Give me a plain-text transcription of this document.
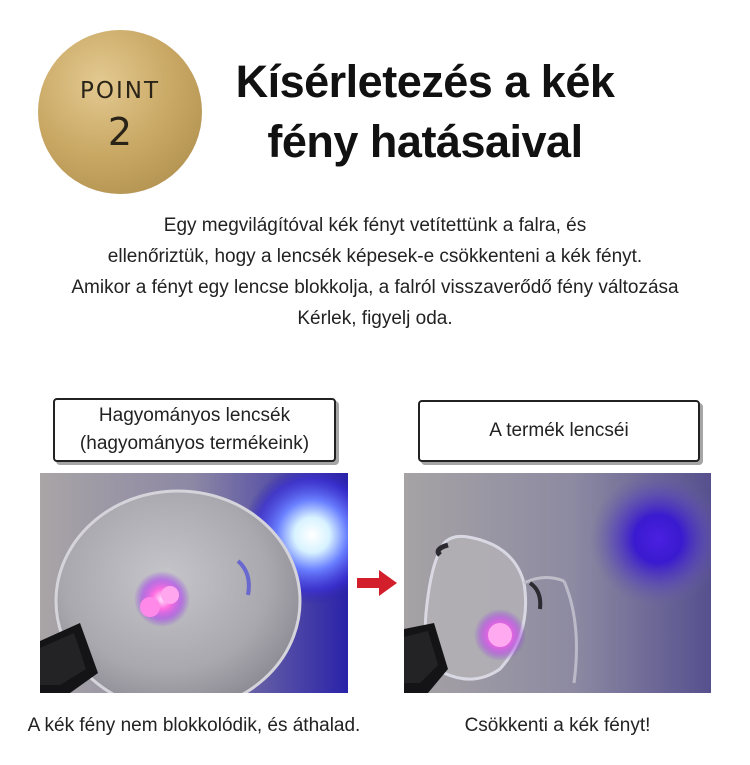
POINT
2
Kísérletezés a kék
fény hatásaival
Egy megvilágítóval kék fényt vetítettünk a falra, és
ellenőriztük, hogy a lencsék képesek-e csökkenteni a kék fényt.
Amikor a fényt egy lencse blokkolja, a falról visszaverődő fény változása
Kérlek, figyelj oda.
Hagyományos lencsék
(hagyományos termékeink)
A termék lencséi
A kék fény nem blokkolódik, és áthalad.	Csökkenti a kék fényt!
